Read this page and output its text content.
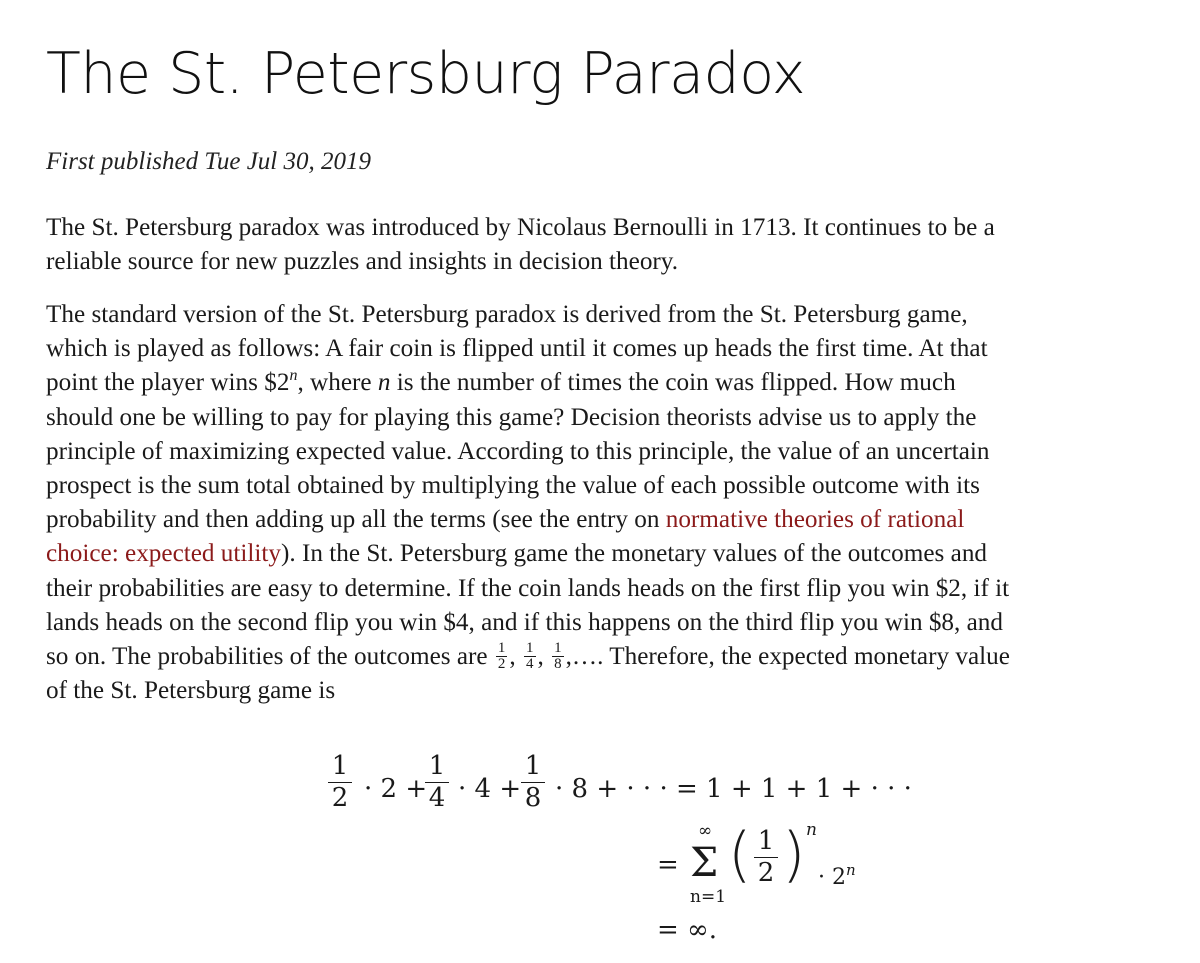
The St. Petersburg Paradox

First published Tue Jul 30, 2019

The St. Petersburg paradox was introduced by Nicolaus Bernoulli in 1713. It continues to be a
reliable source for new puzzles and insights in decision theory.

The standard version of the St. Petersburg paradox is derived from the St. Petersburg game,
which is played as follows: A fair coin is flipped until it comes up heads the first time. At that
point the player wins $2$^n$, where n is the number of times the coin was flipped. How much
should one be willing to pay for playing this game? Decision theorists advise us to apply the
principle of maximizing expected value. According to this principle, the value of an uncertain
prospect is the sum total obtained by multiplying the value of each possible outcome with its
probability and then adding up all the terms (see the entry on normative theories of rational
choice: expected utility). In the St. Petersburg game the monetary values of the outcomes and
their probabilities are easy to determine. If the coin lands heads on the first flip you win $2, if it
lands heads on the second flip you win $4, and if this happens on the third flip you win $8, and
so on. The probabilities of the outcomes are $\frac{1}{2}$ , $\frac{1}{4}$ , $\frac{1}{8}$ ,…. Therefore, the expected monetary value
of the St. Petersburg game is

1
2 · 2 +
1
4 · 4 +
1
8 · 8 + · · · = 1 + 1 + 1 + · · ·
=
∞
Σ
n=1
( 1
2 ) n
· $2^n$
= ∞.
